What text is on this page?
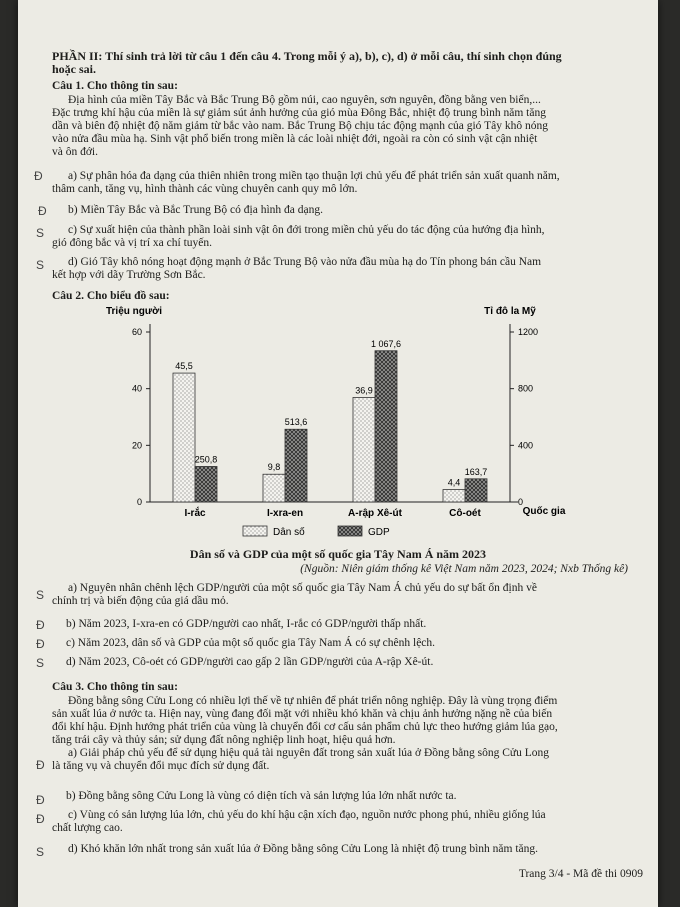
PHẦN II: Thí sinh trả lời từ câu 1 đến câu 4. Trong mỗi ý a), b), c), d) ở mỗi câu, thí sinh chọn đúng
hoặc sai.
Câu 1. Cho thông tin sau:
Địa hình của miền Tây Bắc và Bắc Trung Bộ gồm núi, cao nguyên, sơn nguyên, đồng bằng ven biển,...
Đặc trưng khí hậu của miền là sự giảm sút ảnh hưởng của gió mùa Đông Bắc, nhiệt độ trung bình năm tăng
dần và biên độ nhiệt độ năm giảm từ bắc vào nam. Bắc Trung Bộ chịu tác động mạnh của gió Tây khô nóng
vào nửa đầu mùa hạ. Sinh vật phổ biến trong miền là các loài nhiệt đới, ngoài ra còn có sinh vật cận nhiệt
và ôn đới.
Đ	a) Sự phân hóa đa dạng của thiên nhiên trong miền tạo thuận lợi chủ yếu để phát triển sản xuất quanh năm,
thâm canh, tăng vụ, hình thành các vùng chuyên canh quy mô lớn.
Đ b) Miền Tây Bắc và Bắc Trung Bộ có địa hình đa dạng.
S	c) Sự xuất hiện của thành phần loài sinh vật ôn đới trong miền chủ yếu do tác động của hướng địa hình,
gió đông bắc và vị trí xa chí tuyến.
S	d) Gió Tây khô nóng hoạt động mạnh ở Bắc Trung Bộ vào nửa đầu mùa hạ do Tín phong bán cầu Nam
kết hợp với dãy Trường Sơn Bắc.
Câu 2. Cho biểu đồ sau:
Triệu người	Tỉ đô la Mỹ
Quốc gia
0
20
40
60
0
400
800
1200
Dân số	GDP
45,5
250,8
I-rắc
9,8
513,6
I-xra-en
36,9
1 067,6
A-rập Xê-út
4,4
163,7
Cô-oét
Dân số và GDP của một số quốc gia Tây Nam Á năm 2023
(Nguồn: Niên giám thống kê Việt Nam năm 2023, 2024; Nxb Thống kê)
S	a) Nguyên nhân chênh lệch GDP/người của một số quốc gia Tây Nam Á chủ yếu do sự bất ổn định về
chính trị và biến động của giá dầu mỏ.
Đ b) Năm 2023, I-xra-en có GDP/người cao nhất, I-rắc có GDP/người thấp nhất.
Đ c) Năm 2023, dân số và GDP của một số quốc gia Tây Nam Á có sự chênh lệch.
S d) Năm 2023, Cô-oét có GDP/người cao gấp 2 lần GDP/người của A-rập Xê-út.
Câu 3. Cho thông tin sau:
Đồng bằng sông Cửu Long có nhiều lợi thế về tự nhiên để phát triển nông nghiệp. Đây là vùng trọng điểm
sản xuất lúa ở nước ta. Hiện nay, vùng đang đối mặt với nhiều khó khăn và chịu ảnh hưởng nặng nề của biến
đổi khí hậu. Định hướng phát triển của vùng là chuyển đổi cơ cấu sản phẩm chủ lực theo hướng giảm lúa gạo,
tăng trái cây và thủy sản; sử dụng đất nông nghiệp linh hoạt, hiệu quả hơn.
Đ
a) Giải pháp chủ yếu để sử dụng hiệu quả tài nguyên đất trong sản xuất lúa ở Đồng bằng sông Cửu Long
là tăng vụ và chuyển đổi mục đích sử dụng đất.
Đ b) Đồng bằng sông Cửu Long là vùng có diện tích và sản lượng lúa lớn nhất nước ta.
Đ	c) Vùng có sản lượng lúa lớn, chủ yếu do khí hậu cận xích đạo, nguồn nước phong phú, nhiều giống lúa
chất lượng cao.
S d) Khó khăn lớn nhất trong sản xuất lúa ở Đồng bằng sông Cửu Long là nhiệt độ trung bình năm tăng.
Trang 3/4 - Mã đề thi 0909
